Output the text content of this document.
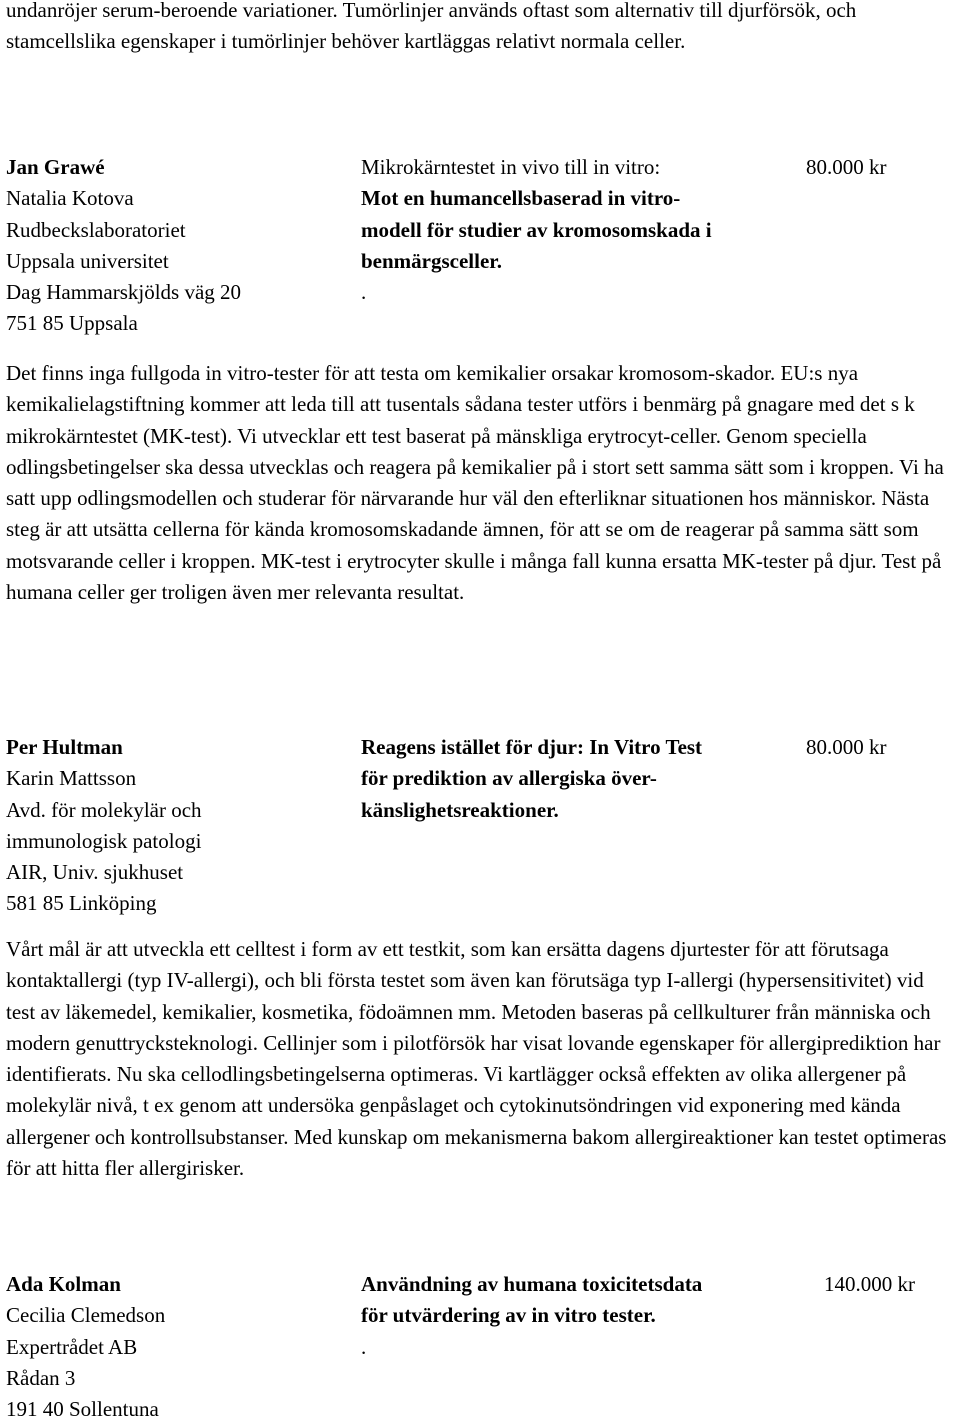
undanröjer serum-beroende variationer. Tumörlinjer används oftast som alternativ till djurförsök, och stamcellslika egenskaper i tumörlinjer behöver kartläggas relativt normala celler.

Jan Grawé
Natalia Kotova
Rudbeckslaboratoriet
Uppsala universitet
Dag Hammarskjölds väg 20
751 85 Uppsala
Mikrokärntestet in vivo till in vitro:
Mot en humancellsbaserad in vitro-
modell för studier av kromosomskada i
benmärgsceller.
.
80.000 kr

Det finns inga fullgoda in vitro-tester för att testa om kemikalier orsakar kromosom-skador. EU:s nya kemikalielagstiftning kommer att leda till att tusentals sådana tester utförs i benmärg på gnagare med det s k mikrokärntestet (MK-test). Vi utvecklar ett test baserat på mänskliga erytrocyt-celler. Genom speciella odlingsbetingelser ska dessa utvecklas och reagera på kemikalier på i stort sett samma sätt som i kroppen. Vi ha satt upp odlingsmodellen och studerar för närvarande hur väl den efterliknar situationen hos människor. Nästa steg är att utsätta cellerna för kända kromosomskadande ämnen, för att se om de reagerar på samma sätt som motsvarande celler i kroppen. MK-test i erytrocyter skulle i många fall kunna ersatta MK-tester på djur. Test på humana celler ger troligen även mer relevanta resultat.

Per Hultman
Karin Mattsson
Avd. för molekylär och
immunologisk patologi
AIR, Univ. sjukhuset
581 85 Linköping
Reagens istället för djur: In Vitro Test
för prediktion av allergiska över-
känslighetsreaktioner.
80.000 kr

Vårt mål är att utveckla ett celltest i form av ett testkit, som kan ersätta dagens djurtester för att förutsaga kontaktallergi (typ IV-allergi), och bli första testet som även kan förutsäga typ I-allergi (hypersensitivitet) vid test av läkemedel, kemikalier, kosmetika, födoämnen mm. Metoden baseras på cellkulturer från människa och modern genuttrycksteknologi. Cellinjer som i pilotförsök har visat lovande egenskaper för allergiprediktion har identifierats. Nu ska cellodlingsbetingelserna optimeras. Vi kartlägger också effekten av olika allergener på molekylär nivå, t ex genom att undersöka genpåslaget och cytokinutsöndringen vid exponering med kända allergener och kontrollsubstanser. Med kunskap om mekanismerna bakom allergireaktioner kan testet optimeras för att hitta fler allergirisker.

Ada Kolman
Cecilia Clemedson
Expertrådet AB
Rådan 3
191 40 Sollentuna
Användning av humana toxicitetsdata
för utvärdering av in vitro tester.
.
140.000 kr
